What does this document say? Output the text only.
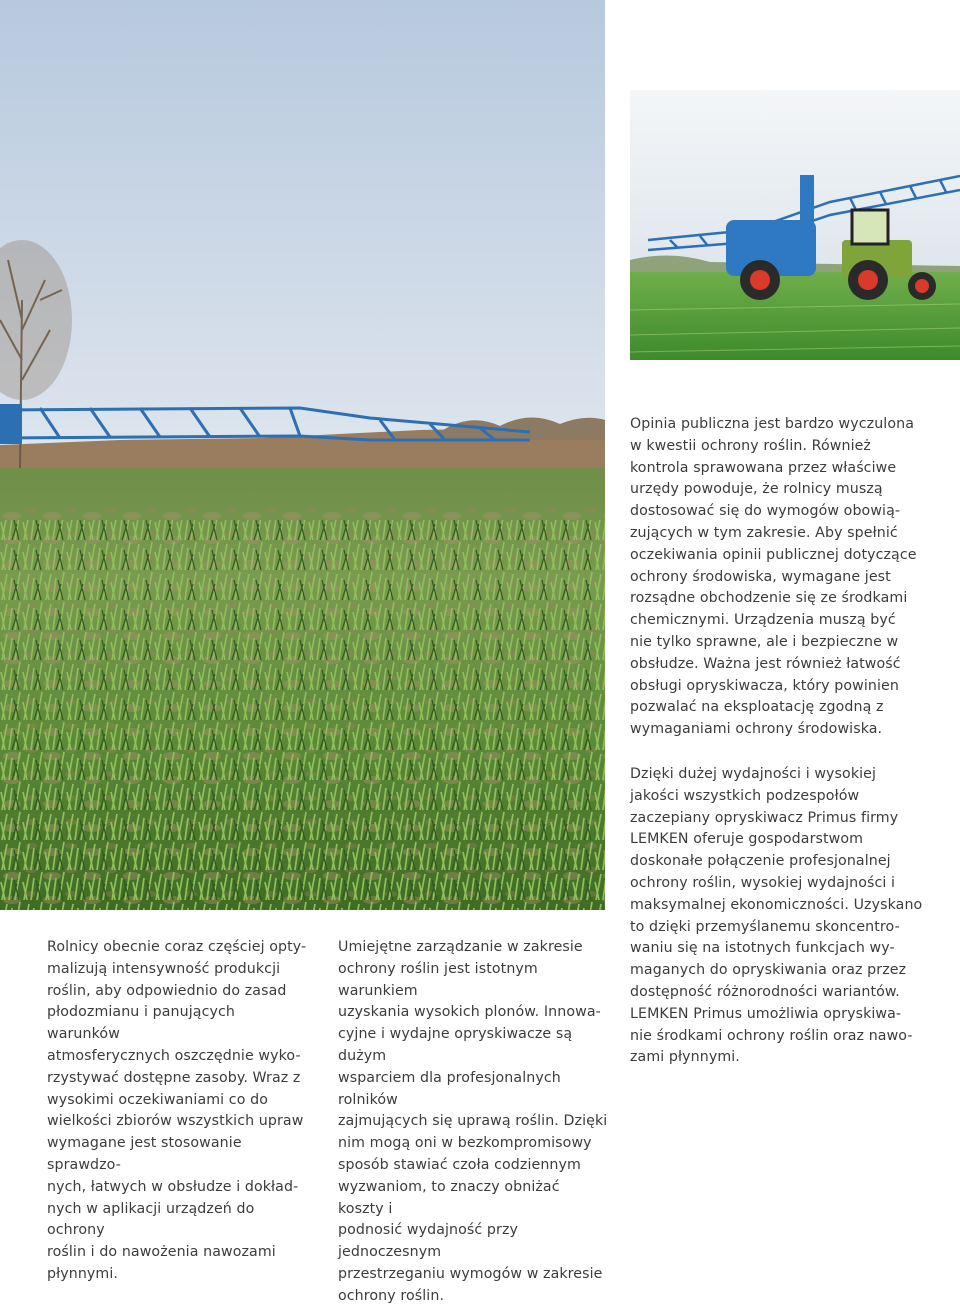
Opinia publiczna jest bardzo wyczulona

w kwestii ochrony roślin. Również

kontrola sprawowana przez właściwe

urzędy powoduje, że rolnicy muszą

dostosować się do wymogów obowią-

zujących w tym zakresie. Aby spełnić

oczekiwania opinii publicznej dotyczące

ochrony środowiska, wymagane jest

rozsądne obchodzenie się ze środkami

chemicznymi. Urządzenia muszą być

nie tylko sprawne, ale i bezpieczne w

obsłudze. Ważna jest również łatwość

obsługi opryskiwacza, który powinien

pozwalać na eksploatację zgodną z

wymaganiami ochrony środowiska.

Dzięki dużej wydajności i wysokiej

jakości wszystkich podzespołów

zaczepiany opryskiwacz Primus firmy

LEMKEN oferuje gospodarstwom

doskonałe połączenie profesjonalnej

ochrony roślin, wysokiej wydajności i

maksymalnej ekonomiczności. Uzyskano

to dzięki przemyślanemu skoncentro-

waniu się na istotnych funkcjach wy-

maganych do opryskiwania oraz przez

dostępność różnorodności wariantów.

LEMKEN Primus umożliwia opryskiwa-

nie środkami ochrony roślin oraz nawo-

zami płynnymi.

Rolnicy obecnie coraz częściej opty-

malizują intensywność produkcji

roślin, aby odpowiednio do zasad

płodozmianu i panujących warunków

atmosferycznych oszczędnie wyko-

rzystywać dostępne zasoby. Wraz z

wysokimi oczekiwaniami co do

wielkości zbiorów wszystkich upraw

wymagane jest stosowanie sprawdzo-

nych, łatwych w obsłudze i dokład-

nych w aplikacji urządzeń do ochrony

roślin i do nawożenia nawozami

płynnymi.

Umiejętne zarządzanie w zakresie

ochrony roślin jest istotnym warunkiem

uzyskania wysokich plonów. Innowa-

cyjne i wydajne opryskiwacze są dużym

wsparciem dla profesjonalnych rolników

zajmujących się uprawą roślin. Dzięki

nim mogą oni w bezkompromisowy

sposób stawiać czoła codziennym

wyzwaniom, to znaczy obniżać koszty i

podnosić wydajność przy jednoczesnym

przestrzeganiu wymogów w zakresie

ochrony roślin.
